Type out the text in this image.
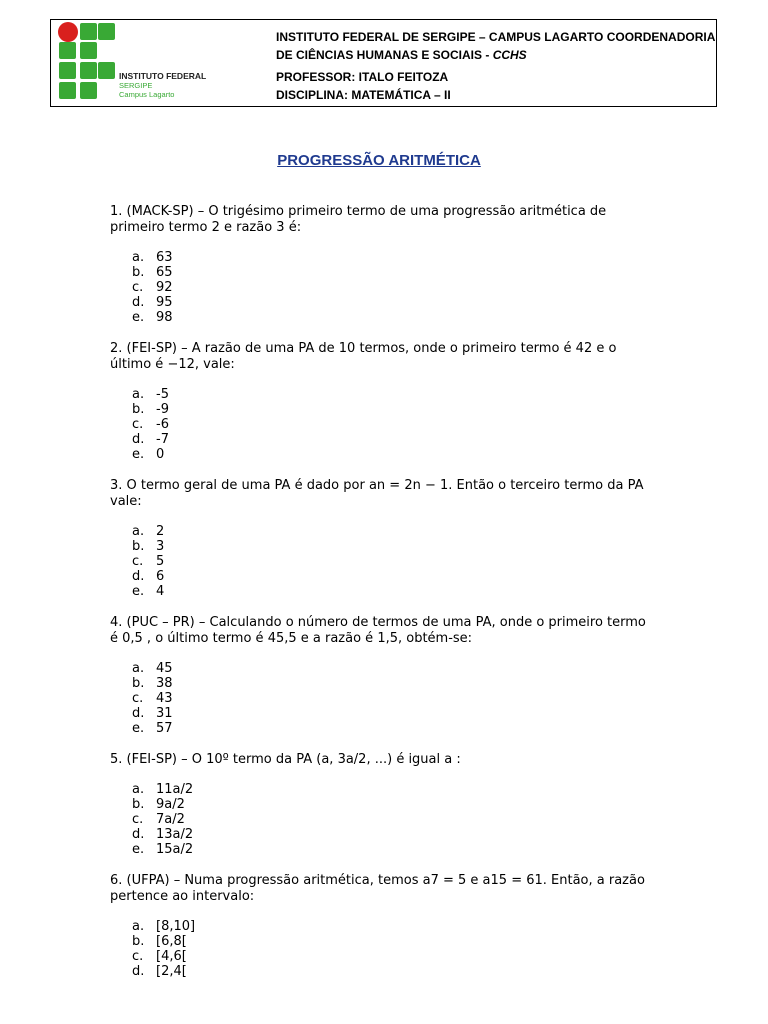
INSTITUTO FEDERAL
SERGIPE
Campus Lagarto
INSTITUTO FEDERAL DE SERGIPE – CAMPUS LAGARTO COORDENADORIA
DE CIÊNCIAS HUMANAS E SOCIAIS - CCHS
PROFESSOR: ITALO FEITOZA
DISCIPLINA: MATEMÁTICA – II
PROGRESSÃO ARITMÉTICA
1. (MACK-SP) – O trigésimo primeiro termo de uma progressão aritmética de
primeiro termo 2 e razão 3 é:
a. 63
b. 65
c. 92
d. 95
e. 98
2. (FEI-SP) – A razão de uma PA de 10 termos, onde o primeiro termo é 42 e o
último é −12, vale:
a. -5
b. -9
c. -6
d. -7
e. 0
3. O termo geral de uma PA é dado por an = 2n − 1. Então o terceiro termo da PA
vale:
a. 2
b. 3
c. 5
d. 6
e. 4
4. (PUC – PR) – Calculando o número de termos de uma PA, onde o primeiro termo
é 0,5 , o último termo é 45,5 e a razão é 1,5, obtém-se:
a. 45
b. 38
c. 43
d. 31
e. 57
5. (FEI-SP) – O 10º termo da PA (a, 3a/2, ...) é igual a :
a. 11a/2
b. 9a/2
c. 7a/2
d. 13a/2
e. 15a/2
6. (UFPA) – Numa progressão aritmética, temos a7 = 5 e a15 = 61. Então, a razão
pertence ao intervalo:
a. [8,10]
b. [6,8[
c. [4,6[
d. [2,4[
